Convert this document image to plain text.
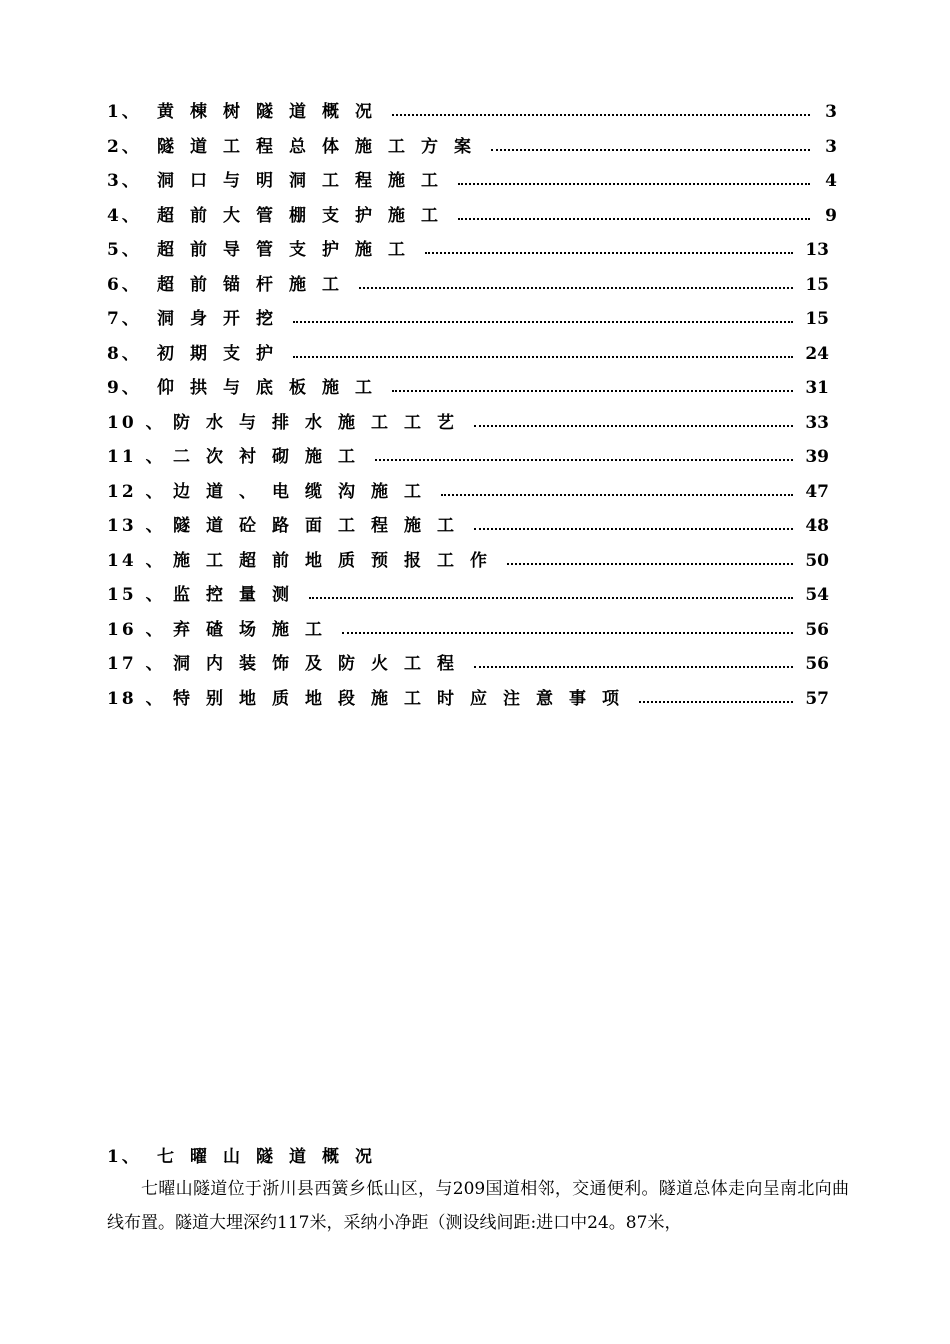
1、 黄棟树隧道概况	3
2、 隧道工程总体施工方案	3
3、 洞口与明洞工程施工	4
4、 超前大管棚支护施工	9
5、 超前导管支护施工	13
6、 超前锚杆施工	15
7、 洞身开挖	15
8、 初期支护	24
9、 仰拱与底板施工	31
10 、 防水与排水施工工艺	33
11 、 二次衬砌施工	39
12 、 边道、电缆沟施工	47
13 、 隧道砼路面工程施工	48
14 、 施工超前地质预报工作	50
15 、 监控量测	54
16 、 弃碴场施工	56
17 、 洞内装饰及防火工程	56
18 、 特别地质地段施工时应注意事项	57
1、 七曜山隧道概况

七曜山隧道位于浙川县西簧乡低山区，与209国道相邻，交通便利。隧道总体走向呈南北向曲线布置。隧道大埋深约117米，采纳小净距（测设线间距:进口中24。87米，
